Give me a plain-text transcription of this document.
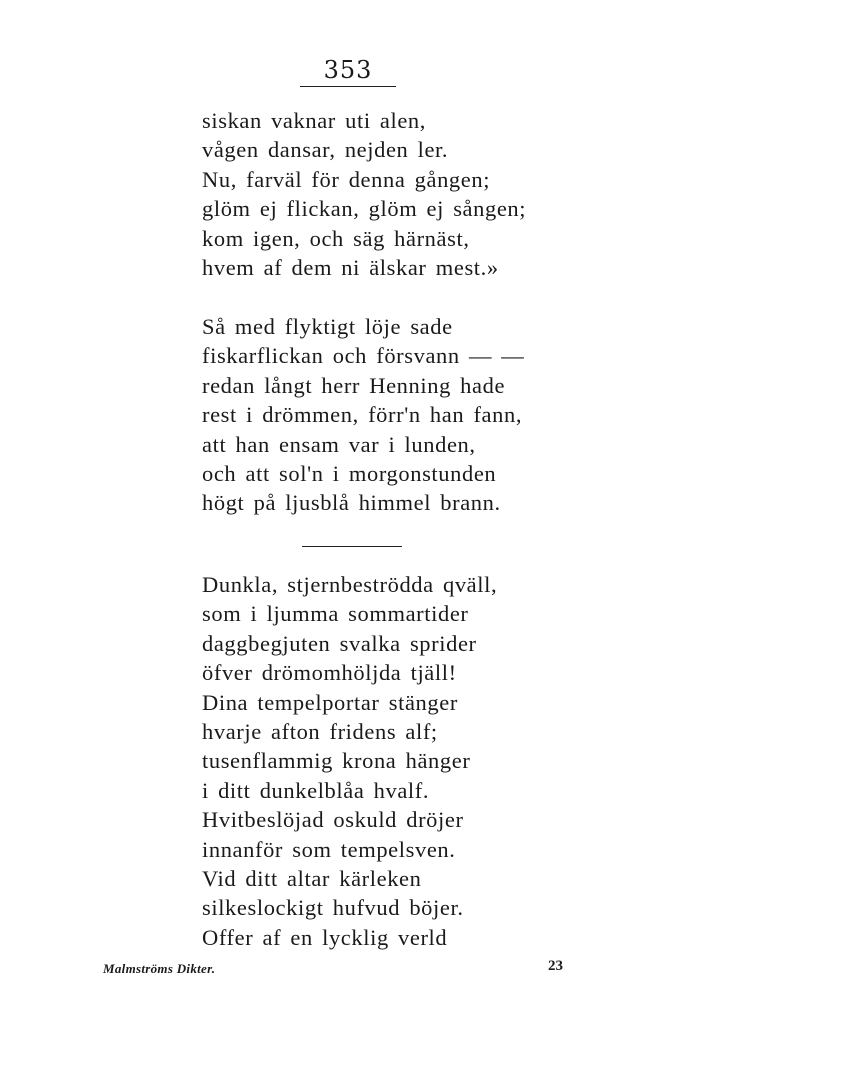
353
siskan vaknar uti alen,
vågen dansar, nejden ler.
Nu, farväl för denna gången;
glöm ej flickan, glöm ej sången;
kom igen, och säg härnäst,
hvem af dem ni älskar mest.»
Så med flyktigt löje sade
fiskarflickan och försvann — —
redan långt herr Henning hade
rest i drömmen, förr'n han fann,
att han ensam var i lunden,
och att sol'n i morgonstunden
högt på ljusblå himmel brann.
Dunkla, stjernbeströdda qväll,
som i ljumma sommartider
daggbegjuten svalka sprider
öfver drömomhöljda tjäll!
Dina tempelportar stänger
hvarje afton fridens alf;
tusenflammig krona hänger
i ditt dunkelblåa hvalf.
Hvitbeslöjad oskuld dröjer
innanför som tempelsven.
Vid ditt altar kärleken
silkeslockigt hufvud böjer.
Offer af en lycklig verld
Malmströms Dikter.	23
